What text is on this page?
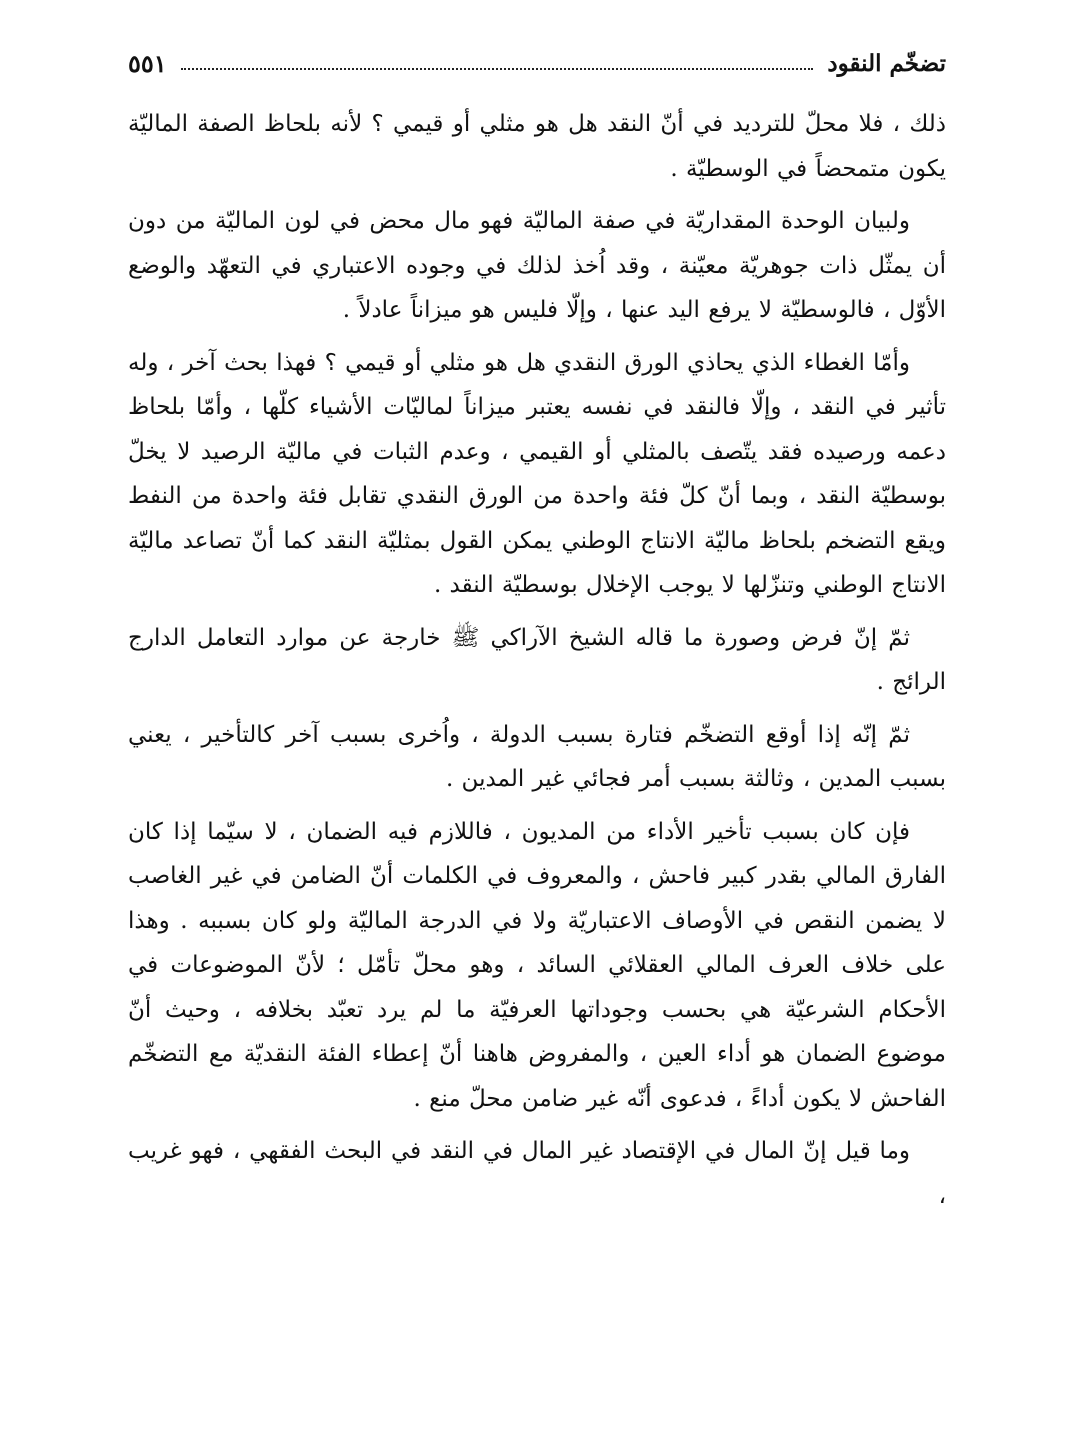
تضخّم النقود
٥٥١

ذلك ، فلا محلّ للترديد في أنّ النقد هل هو مثلي أو قيمي ؟ لأنه بلحاظ الصفة الماليّة يكون متمحضاً في الوسطيّة .

ولبيان الوحدة المقداريّة في صفة الماليّة فهو مال محض في لون الماليّة من دون أن يمثّل ذات جوهريّة معيّنة ، وقد اُخذ لذلك في وجوده الاعتباري في التعهّد والوضع الأوّل ، فالوسطيّة لا يرفع اليد عنها ، وإلّا فليس هو ميزاناً عادلاً .

وأمّا الغطاء الذي يحاذي الورق النقدي هل هو مثلي أو قيمي ؟ فهذا بحث آخر ، وله تأثير في النقد ، وإلّا فالنقد في نفسه يعتبر ميزاناً لماليّات الأشياء كلّها ، وأمّا بلحاظ دعمه ورصيده فقد يتّصف بالمثلي أو القيمي ، وعدم الثبات في ماليّة الرصيد لا يخلّ بوسطيّة النقد ، وبما أنّ كلّ فئة واحدة من الورق النقدي تقابل فئة واحدة من النفط ويقع التضخم بلحاظ ماليّة الانتاج الوطني يمكن القول بمثليّة النقد كما أنّ تصاعد ماليّة الانتاج الوطني وتنزّلها لا يوجب الإخلال بوسطيّة النقد .

ثمّ إنّ فرض وصورة ما قاله الشيخ الآراكي ﷺ خارجة عن موارد التعامل الدارج الرائج .

ثمّ إنّه إذا أوقع التضخّم فتارة بسبب الدولة ، واُخرى بسبب آخر كالتأخير ، يعني بسبب المدين ، وثالثة بسبب أمر فجائي غير المدين .

فإن كان بسبب تأخير الأداء من المديون ، فاللازم فيه الضمان ، لا سيّما إذا كان الفارق المالي بقدر كبير فاحش ، والمعروف في الكلمات أنّ الضامن في غير الغاصب لا يضمن النقص في الأوصاف الاعتباريّة ولا في الدرجة الماليّة ولو كان بسببه . وهذا على خلاف العرف المالي العقلائي السائد ، وهو محلّ تأمّل ؛ لأنّ الموضوعات في الأحكام الشرعيّة هي بحسب وجوداتها العرفيّة ما لم يرد تعبّد بخلافه ، وحيث أنّ موضوع الضمان هو أداء العين ، والمفروض هاهنا أنّ إعطاء الفئة النقديّة مع التضخّم الفاحش لا يكون أداءً ، فدعوى أنّه غير ضامن محلّ منع .

وما قيل إنّ المال في الإقتصاد غير المال في النقد في البحث الفقهي ، فهو غريب ،
